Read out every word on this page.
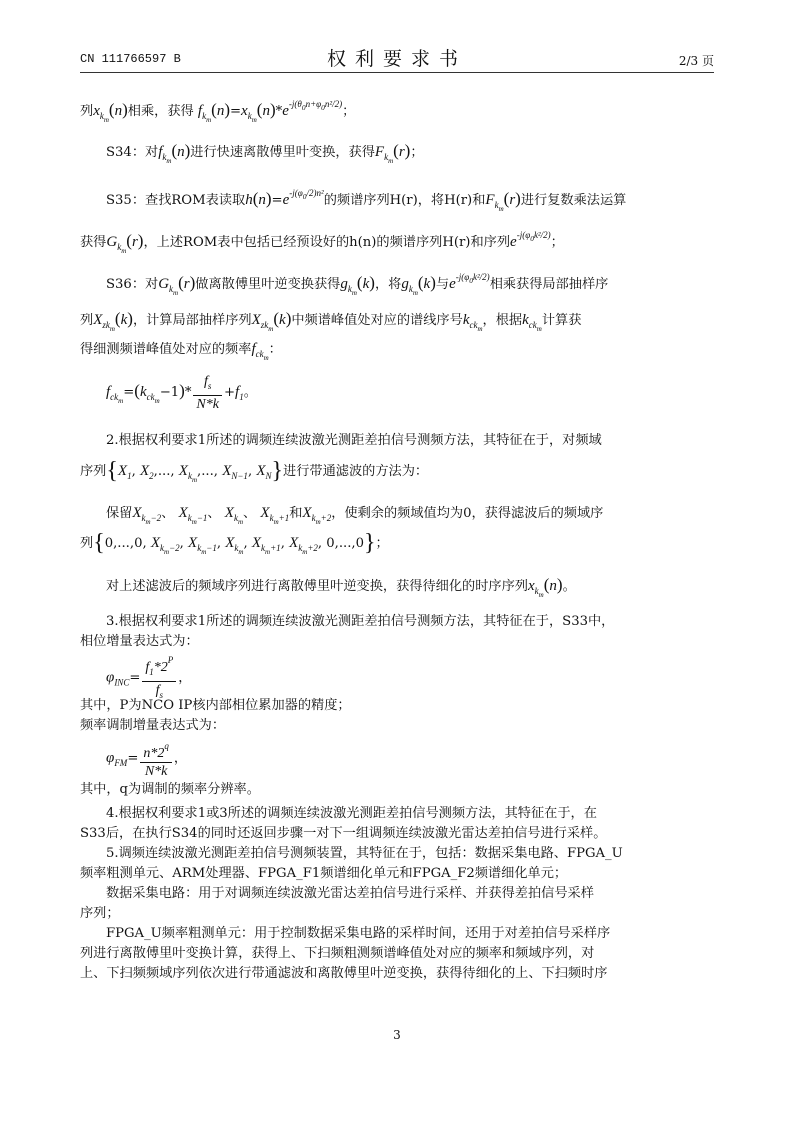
CN 111766597 B	权利要求书	2/3 页
列$x_{k_m}(n)$相乘，获得 $f_{k_m}(n)=x_{k_m}(n)*e^{-j(\theta_0n+\varphi_0n^2/2)}$；
S34：对$f_{k_m}(n)$进行快速离散傅里叶变换，获得$F_{k_m}(r)$；
S35：查找ROM表读取$h(n)=e^{-j(\varphi_0/2)n^2}$的频谱序列H(r)，将H(r)和$F_{k_m}(r)$进行复数乘法运算
获得$G_{k_m}(r)$，上述ROM表中包括已经预设好的h(n)的频谱序列H(r)和序列$e^{-j(\varphi_0k^2/2)}$；
S36：对$G_{k_m}(r)$做离散傅里叶逆变换获得$g_{k_m}(k)$，将$g_{k_m}(k)$与$e^{-j(\varphi_0k^2/2)}$相乘获得局部抽样序
列$X_{zk_m}(k)$，计算局部抽样序列$X_{zk_m}(k)$中频谱峰值处对应的谱线序号$k_{ck_m}$，根据$k_{ck_m}$计算获
得细测频谱峰值处对应的频率$f_{ck_m}$：
$f_{ck_m}=(k_{ck_m}-1)* \frac{f_s}{N*k} +f_1$。
2.根据权利要求1所述的调频连续波激光测距差拍信号测频方法，其特征在于，对频域
序列{$X_1$, $X_2$,..., $X_{k_m}$,..., $X_{N-1}$, $X_N$}进行带通滤波的方法为：
保留$X_{k_m-2}$、 $X_{k_m-1}$、 $X_{k_m}$、 $X_{k_m+1}$和$X_{k_m+2}$，使剩余的频域值均为0，获得滤波后的频域序
列{0,...,0, $X_{k_m-2}$, $X_{k_m-1}$, $X_{k_m}$, $X_{k_m+1}$, $X_{k_m+2}$, 0,...,0}；
对上述滤波后的频域序列进行离散傅里叶逆变换，获得待细化的时序序列$x_{k_m}(n)$。
3.根据权利要求1所述的调频连续波激光测距差拍信号测频方法，其特征在于，S33中，
相位增量表达式为：
$\varphi_{INC}= \frac{f_1*2^P}{f_s}$ ，
其中，P为NCO IP核内部相位累加器的精度；
频率调制增量表达式为：
$\varphi_{FM}= \frac{n*2^q}{N*k}$ ，
其中，q为调制的频率分辨率。
4.根据权利要求1或3所述的调频连续波激光测距差拍信号测频方法，其特征在于，在
S33后，在执行S34的同时还返回步骤一对下一组调频连续波激光雷达差拍信号进行采样。
5.调频连续波激光测距差拍信号测频装置，其特征在于，包括：数据采集电路、FPGA_U
频率粗测单元、ARM处理器、FPGA_F1频谱细化单元和FPGA_F2频谱细化单元；
数据采集电路：用于对调频连续波激光雷达差拍信号进行采样、并获得差拍信号采样
序列；
FPGA_U频率粗测单元：用于控制数据采集电路的采样时间，还用于对差拍信号采样序
列进行离散傅里叶变换计算，获得上、下扫频粗测频谱峰值处对应的频率和频域序列，对
上、下扫频频域序列依次进行带通滤波和离散傅里叶逆变换，获得待细化的上、下扫频时序
3
